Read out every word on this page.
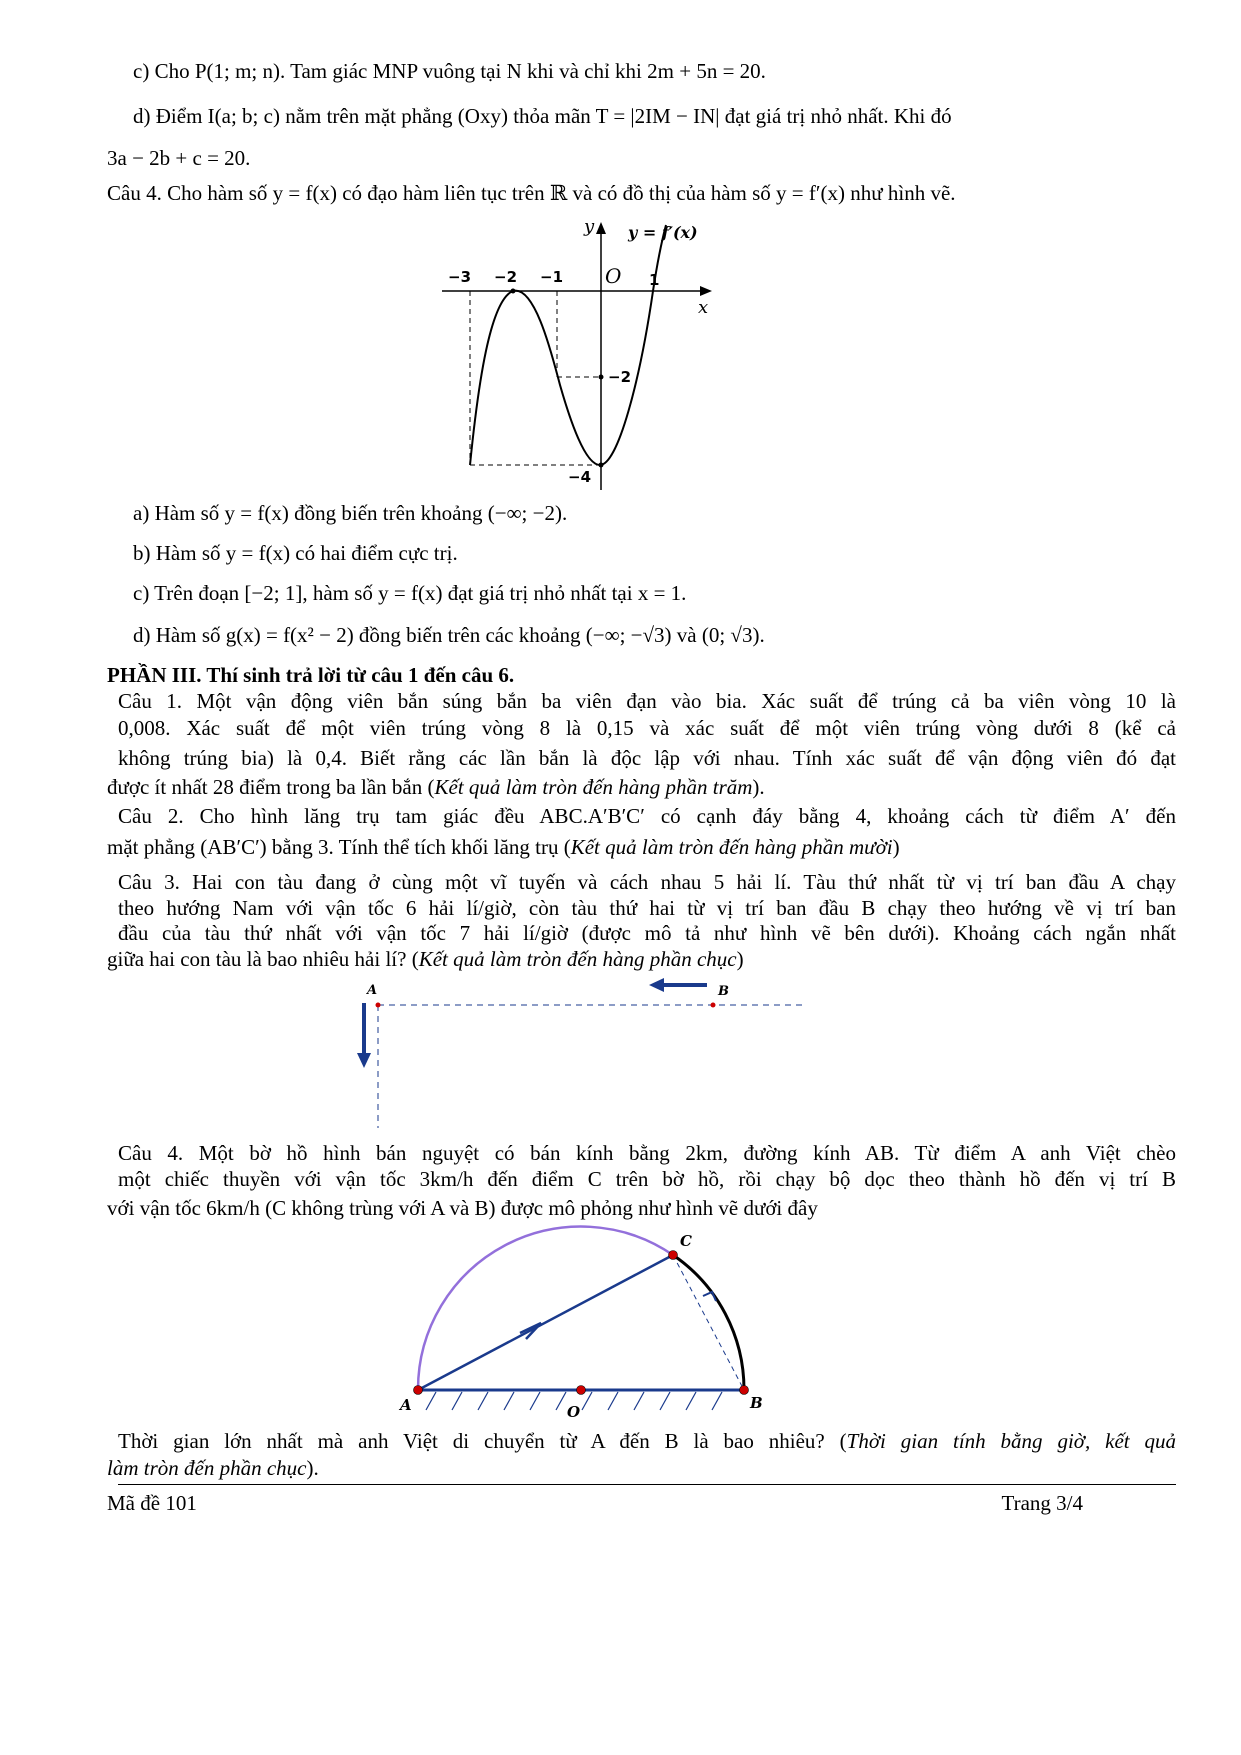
c) Cho P(1; m; n). Tam giác MNP vuông tại N khi và chỉ khi 2m + 5n = 20.
d) Điểm I(a; b; c) nằm trên mặt phẳng (Oxy) thỏa mãn T = |2IM − IN| đạt giá trị nhỏ nhất. Khi đó
3a − 2b + c = 20.
Câu 4. Cho hàm số y = f(x) có đạo hàm liên tục trên ℝ và có đồ thị của hàm số y = f′(x) như hình vẽ.
y y = f′(x)
x
O
−3 −2 −1	1
−2
−4
a) Hàm số y = f(x) đồng biến trên khoảng (−∞; −2).
b) Hàm số y = f(x) có hai điểm cực trị.
c) Trên đoạn [−2; 1], hàm số y = f(x) đạt giá trị nhỏ nhất tại x = 1.
d) Hàm số g(x) = f(x² − 2) đồng biến trên các khoảng (−∞; −√3) và (0; √3).
PHẦN III. Thí sinh trả lời từ câu 1 đến câu 6.
Câu 1. Một vận động viên bắn súng bắn ba viên đạn vào bia. Xác suất để trúng cả ba viên vòng 10 là
0,008. Xác suất để một viên trúng vòng 8 là 0,15 và xác suất để một viên trúng vòng dưới 8 (kể cả
không trúng bia) là 0,4. Biết rằng các lần bắn là độc lập với nhau. Tính xác suất để vận động viên đó đạt
được ít nhất 28 điểm trong ba lần bắn (Kết quả làm tròn đến hàng phần trăm).
Câu 2. Cho hình lăng trụ tam giác đều ABC.A′B′C′ có cạnh đáy bằng 4, khoảng cách từ điểm A′ đến
mặt phẳng (AB′C′) bằng 3. Tính thể tích khối lăng trụ (Kết quả làm tròn đến hàng phần mười)
Câu 3. Hai con tàu đang ở cùng một vĩ tuyến và cách nhau 5 hải lí. Tàu thứ nhất từ vị trí ban đầu A chạy
theo hướng Nam với vận tốc 6 hải lí/giờ, còn tàu thứ hai từ vị trí ban đầu B chạy theo hướng về vị trí ban
đầu của tàu thứ nhất với vận tốc 7 hải lí/giờ (được mô tả như hình vẽ bên dưới). Khoảng cách ngắn nhất
giữa hai con tàu là bao nhiêu hải lí? (Kết quả làm tròn đến hàng phần chục)
A	B
Câu 4. Một bờ hồ hình bán nguyệt có bán kính bằng 2km, đường kính AB. Từ điểm A anh Việt chèo
một chiếc thuyền với vận tốc 3km/h đến điểm C trên bờ hồ, rồi chạy bộ dọc theo thành hồ đến vị trí B
với vận tốc 6km/h (C không trùng với A và B) được mô phỏng như hình vẽ dưới đây
A	B
C
O
Thời gian lớn nhất mà anh Việt di chuyển từ A đến B là bao nhiêu? (Thời gian tính bằng giờ, kết quả
làm tròn đến phần chục).
Mã đề 101	Trang 3/4
